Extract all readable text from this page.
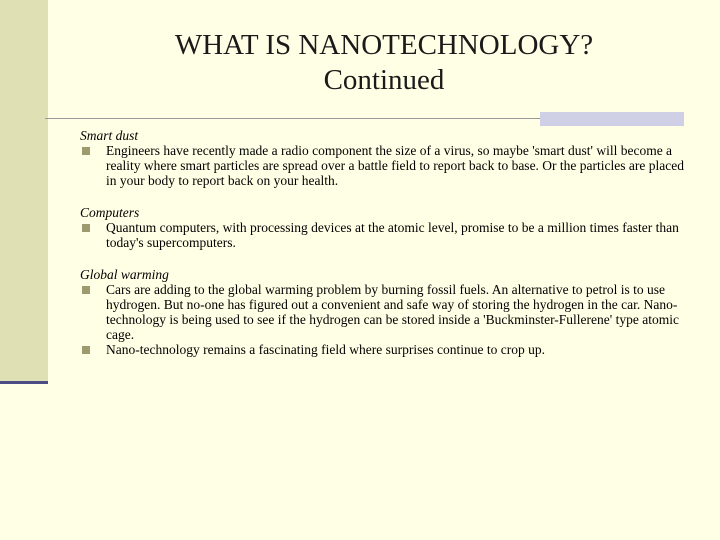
WHAT IS NANOTECHNOLOGY?
Continued
Smart dust
Engineers have recently made a radio component the size of a virus, so maybe 'smart dust' will become a reality where smart particles are spread over a battle field to report back to base. Or the particles are placed in your body to report back on your health.
Computers
Quantum computers, with processing devices at the atomic level, promise to be a million times faster than today's supercomputers.
Global warming
Cars are adding to the global warming problem by burning fossil fuels. An alternative to petrol is to use hydrogen. But no-one has figured out a convenient and safe way of storing the hydrogen in the car. Nano-technology is being used to see if the hydrogen can be stored inside a 'Buckminster-Fullerene' type atomic cage.
Nano-technology remains a fascinating field where surprises continue to crop up.
